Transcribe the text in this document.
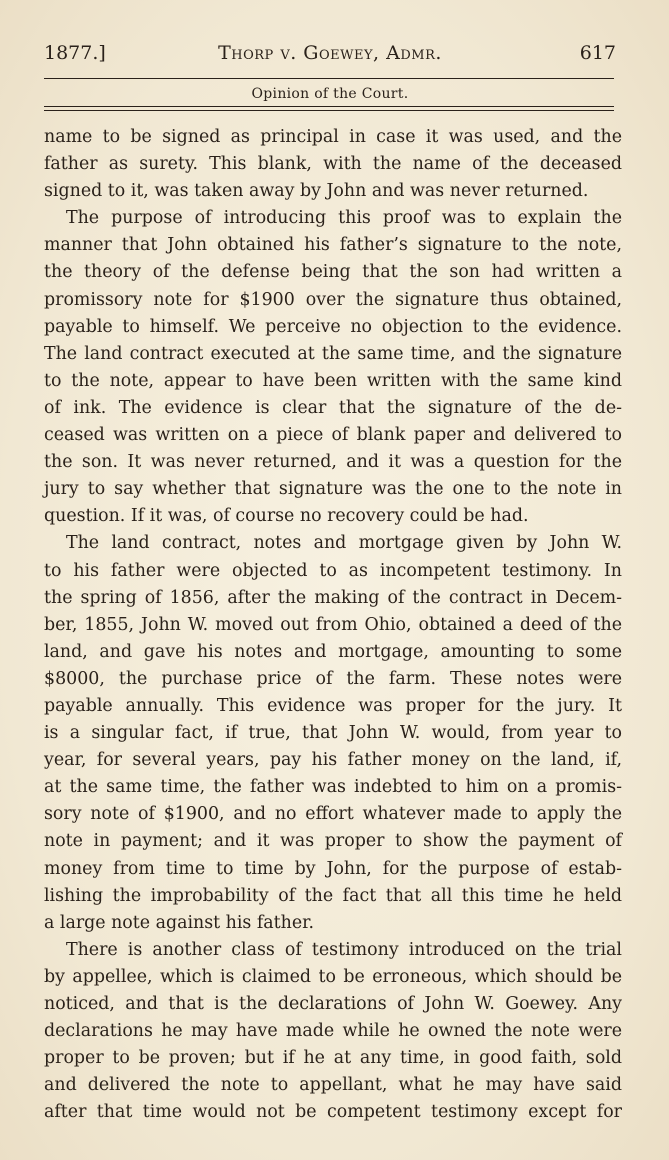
1877.]	Thorp v. Goewey, Admr.	617
Opinion of the Court.
name to be signed as principal in case it was used, and the
father as surety. This blank, with the name of the deceased
signed to it, was taken away by John and was never returned.
The purpose of introducing this proof was to explain the
manner that John obtained his father’s signature to the note,
the theory of the defense being that the son had written a
promissory note for $1900 over the signature thus obtained,
payable to himself. We perceive no objection to the evidence.
The land contract executed at the same time, and the signature
to the note, appear to have been written with the same kind
of ink. The evidence is clear that the signature of the de-
ceased was written on a piece of blank paper and delivered to
the son. It was never returned, and it was a question for the
jury to say whether that signature was the one to the note in
question. If it was, of course no recovery could be had.
The land contract, notes and mortgage given by John W.
to his father were objected to as incompetent testimony. In
the spring of 1856, after the making of the contract in Decem-
ber, 1855, John W. moved out from Ohio, obtained a deed of the
land, and gave his notes and mortgage, amounting to some
$8000, the purchase price of the farm. These notes were
payable annually. This evidence was proper for the jury. It
is a singular fact, if true, that John W. would, from year to
year, for several years, pay his father money on the land, if,
at the same time, the father was indebted to him on a promis-
sory note of $1900, and no effort whatever made to apply the
note in payment; and it was proper to show the payment of
money from time to time by John, for the purpose of estab-
lishing the improbability of the fact that all this time he held
a large note against his father.
There is another class of testimony introduced on the trial
by appellee, which is claimed to be erroneous, which should be
noticed, and that is the declarations of John W. Goewey. Any
declarations he may have made while he owned the note were
proper to be proven; but if he at any time, in good faith, sold
and delivered the note to appellant, what he may have said
after that time would not be competent testimony except for
